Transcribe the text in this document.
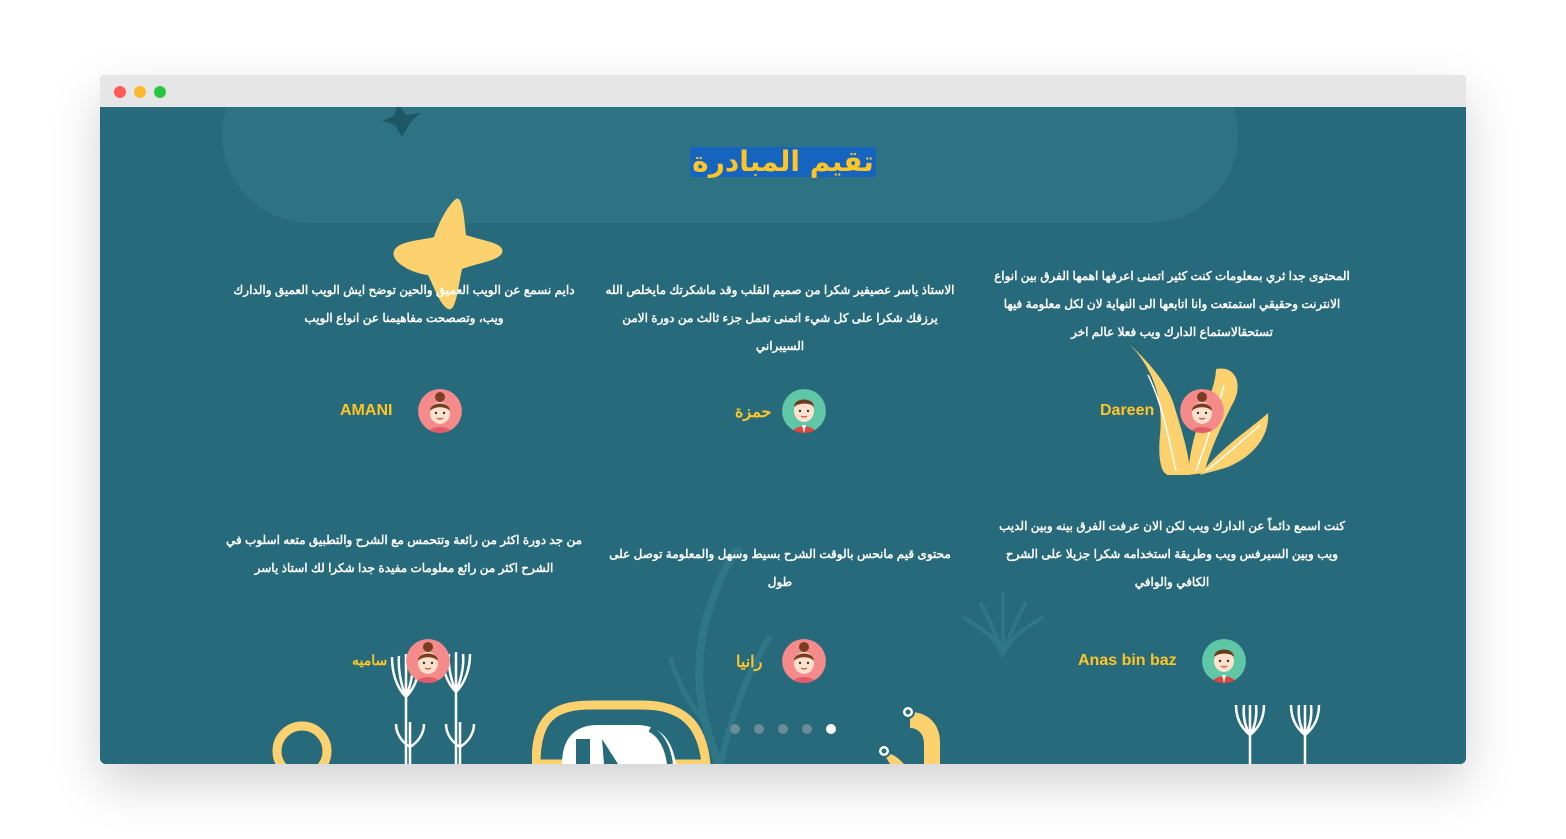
تقيم المبادرة
المحتوى جدا ثري بمعلومات كنت كثير اتمنى اعرفها اهمها الفرق بين انواع الانترنت وحقيقي استمتعت وانا اتابعها الى النهاية لان لكل معلومة فيها تستحقالاستماع الدارك ويب فعلا عالم اخر
الاستاذ ياسر عصيفير شكرا من صميم القلب وقد ماشكرتك مايخلص الله يرزقك شكرا على كل شيء اتمنى تعمل جزء ثالث من دورة الامن السيبراني
دايم نسمع عن الويب العميق والحين توضح ايش الويب العميق والدارك ويب، وتصصحت مفاهيمنا عن انواع الويب
Dareen
حمزة
AMANI
كنت اسمع دائماً عن الدارك ويب لكن الان عرفت الفرق بينه وبين الديب ويب وبين السيرفس ويب وطريقة استخدامه شكرا جزيلا على الشرح الكافي والوافي
محتوى قيم مانحس بالوقت الشرح بسيط وسهل والمعلومة توصل على طول
من جد دورة اكثر من رائعة وتتحمس مع الشرح والتطبيق متعه اسلوب في الشرح اكثر من رائع معلومات مفيدة جدا شكرا لك استاذ ياسر
Anas bin baz
رانيا
ساميه
